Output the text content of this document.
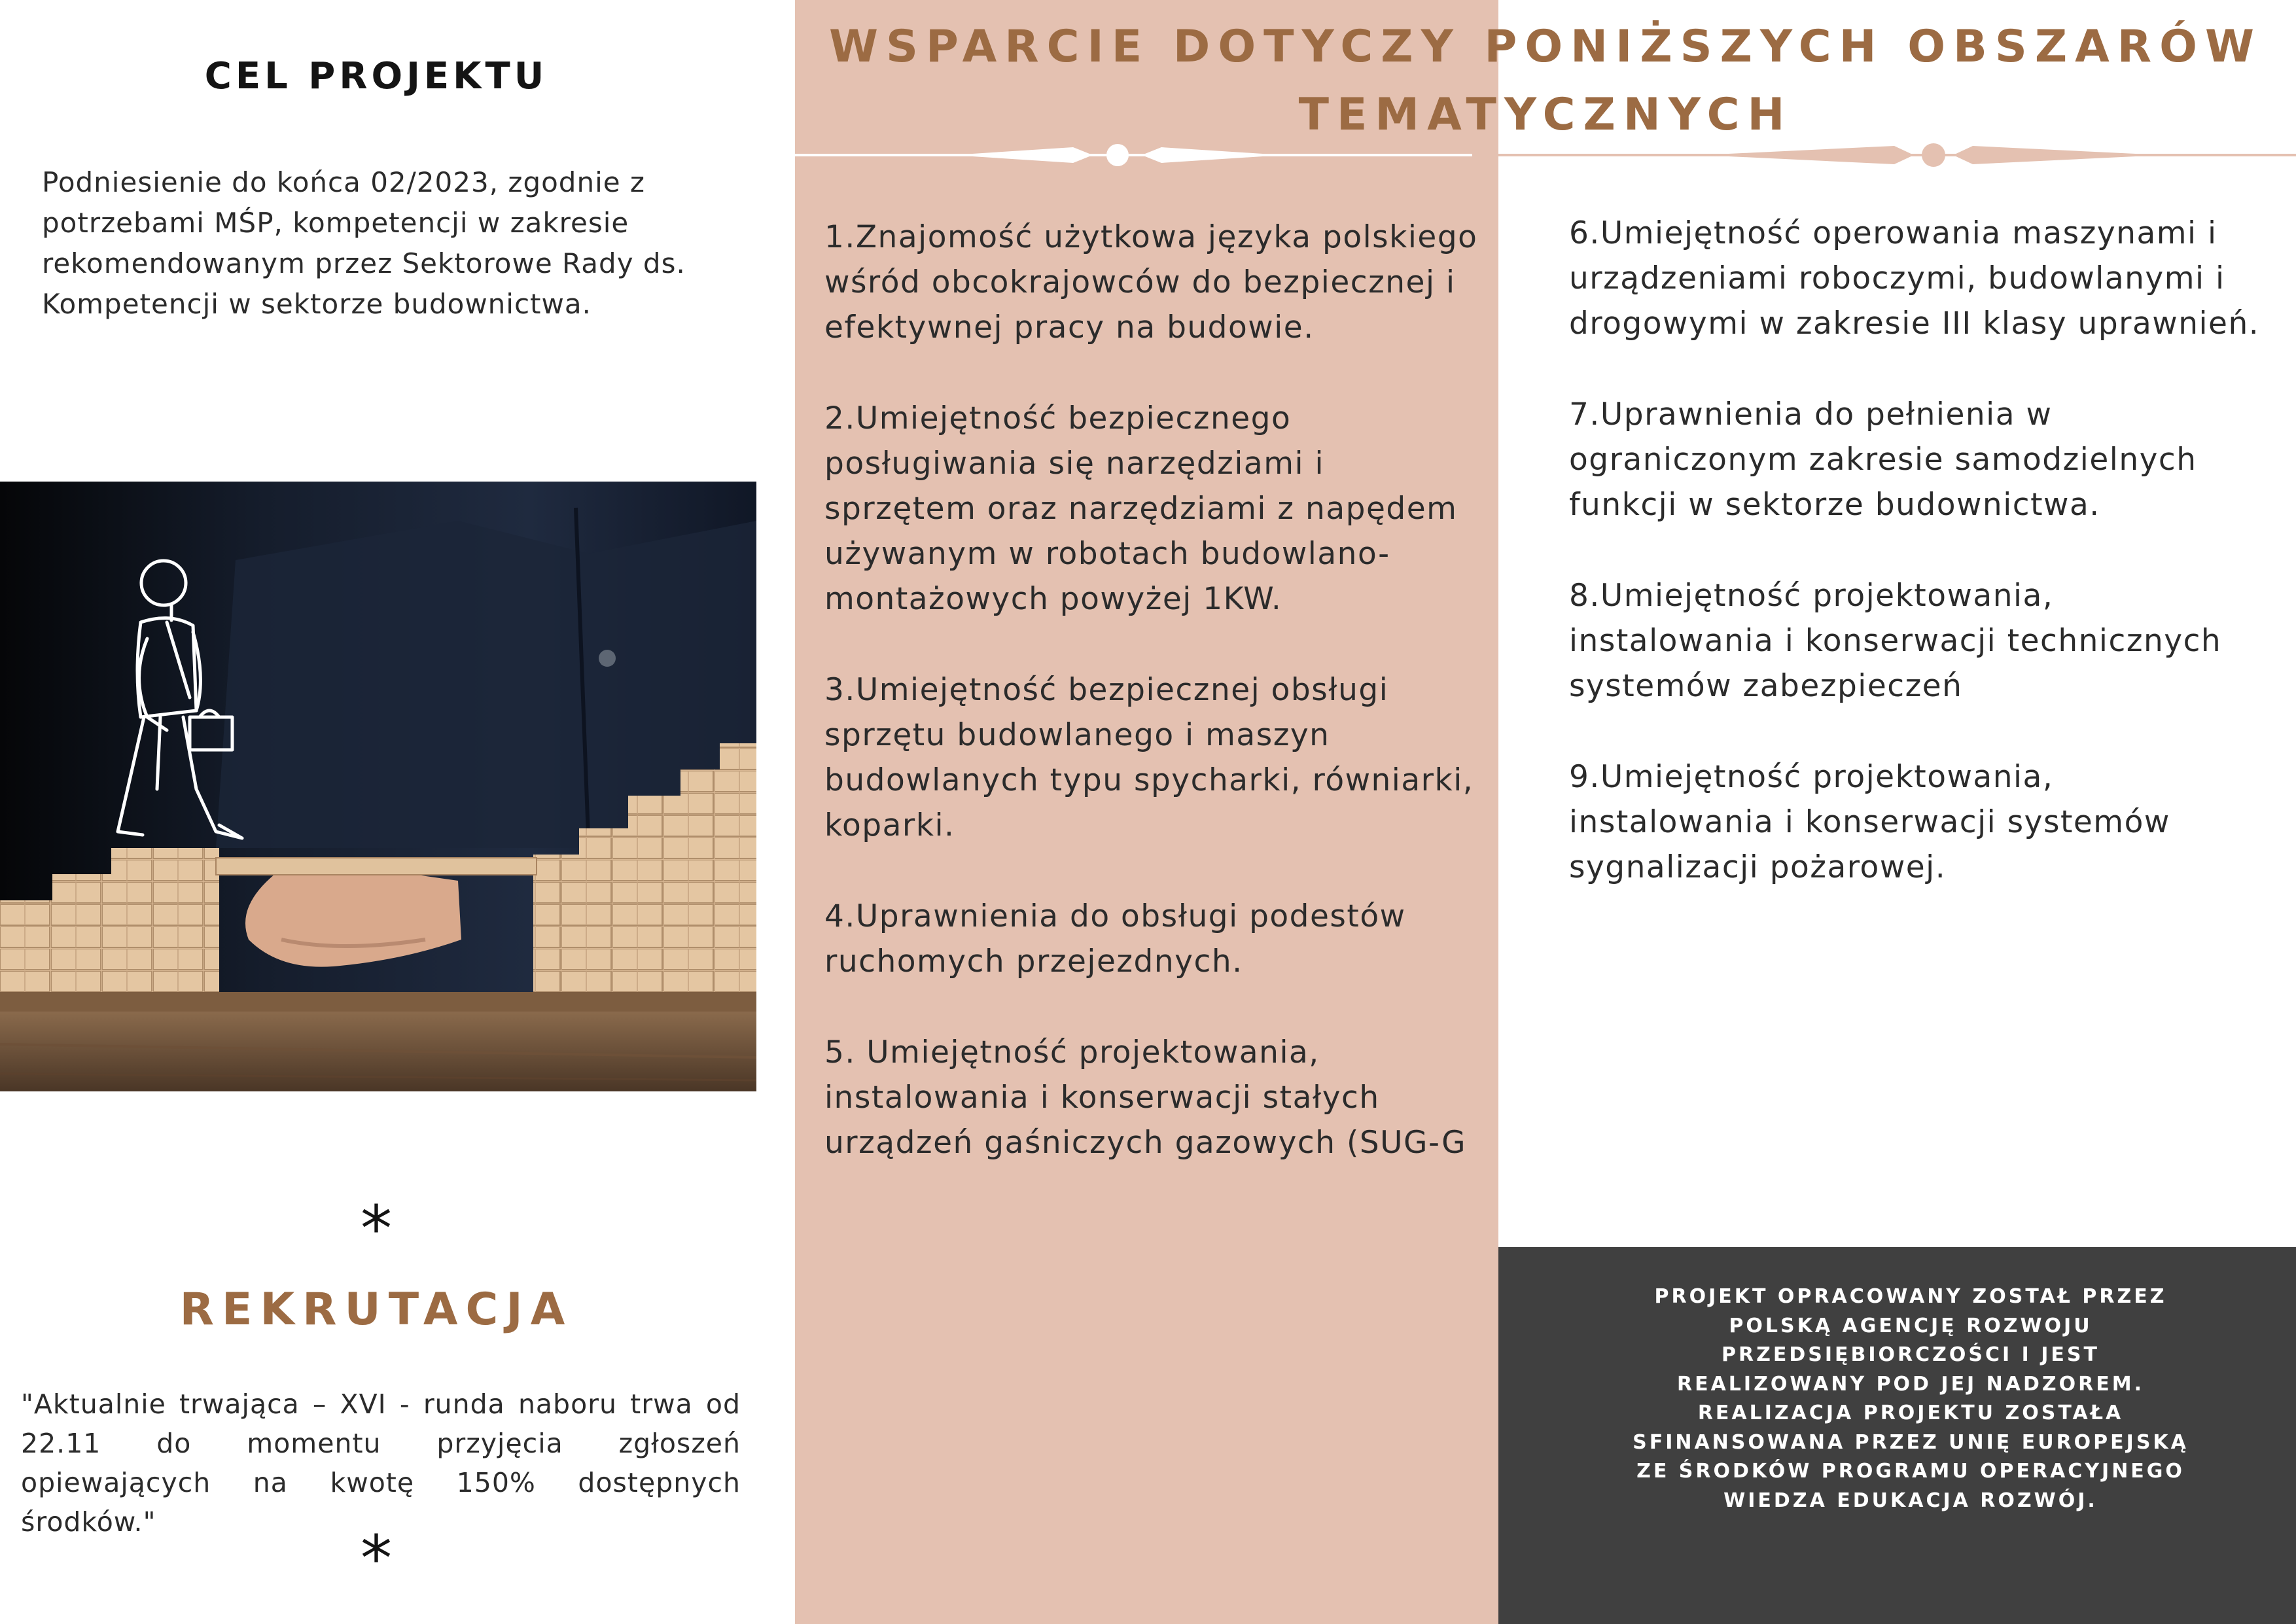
WSPARCIE DOTYCZY PONIŻSZYCH OBSZARÓW
TEMATYCZNYCH
CEL PROJEKTU

Podniesienie do końca 02/2023, zgodnie z potrzebami MŚP, kompetencji w zakresie rekomendowanym przez Sektorowe Rady ds. Kompetencji w sektorze budownictwa.

*
REKRUTACJA

"Aktualnie trwająca – XVI - runda naboru trwa od 22.11 do momentu przyjęcia zgłoszeń opiewających na kwotę 150% dostępnych środków."	*
1.Znajomość użytkowa języka polskiego wśród obcokrajowców do bezpiecznej i efektywnej pracy na budowie.
2.Umiejętność bezpiecznego posługiwania się narzędziami i sprzętem oraz narzędziami z napędem używanym w robotach budowlano-montażowych powyżej 1KW.
3.Umiejętność bezpiecznej obsługi sprzętu budowlanego i maszyn budowlanych typu spycharki, równiarki, koparki.
4.Uprawnienia do obsługi podestów ruchomych przejezdnych.
5. Umiejętność projektowania, instalowania i konserwacji stałych urządzeń gaśniczych gazowych (SUG-G
6.Umiejętność operowania maszynami i urządzeniami roboczymi, budowlanymi i drogowymi w zakresie III klasy uprawnień.
7.Uprawnienia do pełnienia w ograniczonym zakresie samodzielnych funkcji w sektorze budownictwa.
8.Umiejętność projektowania, instalowania i konserwacji technicznych systemów zabezpieczeń
9.Umiejętność projektowania, instalowania i konserwacji systemów sygnalizacji pożarowej.

PROJEKT OPRACOWANY ZOSTAŁ PRZEZ POLSKĄ AGENCJĘ ROZWOJU PRZEDSIĘBIORCZOŚCI I JEST REALIZOWANY POD JEJ NADZOREM. REALIZACJA PROJEKTU ZOSTAŁA SFINANSOWANA PRZEZ UNIĘ EUROPEJSKĄ ZE ŚRODKÓW PROGRAMU OPERACYJNEGO WIEDZA EDUKACJA ROZWÓJ.
